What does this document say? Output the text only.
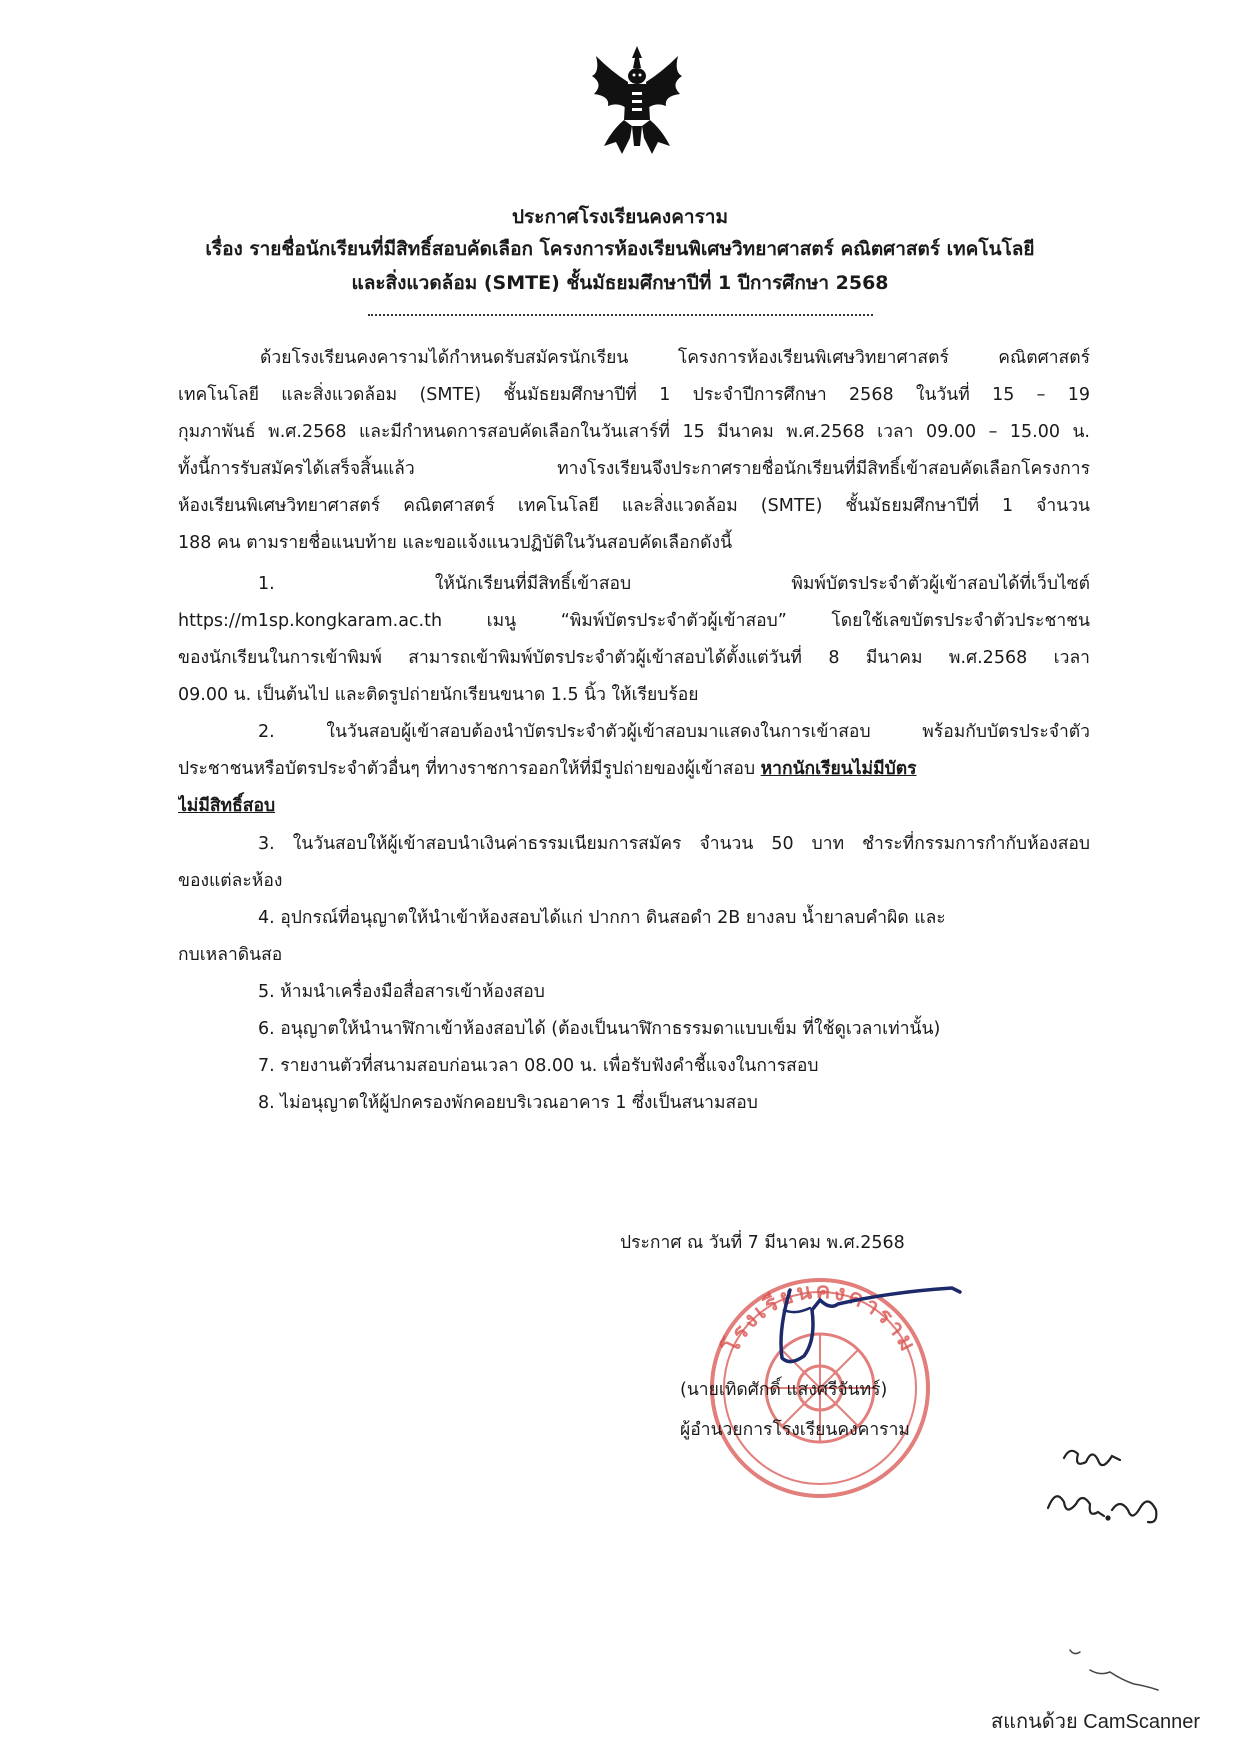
ประกาศโรงเรียนคงคาราม
เรื่อง รายชื่อนักเรียนที่มีสิทธิ์สอบคัดเลือก โครงการห้องเรียนพิเศษวิทยาศาสตร์ คณิตศาสตร์ เทคโนโลยี
และสิ่งแวดล้อม (SMTE) ชั้นมัธยมศึกษาปีที่ 1 ปีการศึกษา 2568
ด้วยโรงเรียนคงคารามได้กำหนดรับสมัครนักเรียน โครงการห้องเรียนพิเศษวิทยาศาสตร์ คณิตศาสตร์
เทคโนโลยี และสิ่งแวดล้อม (SMTE) ชั้นมัธยมศึกษาปีที่ 1 ประจำปีการศึกษา 2568 ในวันที่ 15 – 19
กุมภาพันธ์ พ.ศ.2568 และมีกำหนดการสอบคัดเลือกในวันเสาร์ที่ 15 มีนาคม พ.ศ.2568 เวลา 09.00 – 15.00 น.
ทั้งนี้การรับสมัครได้เสร็จสิ้นแล้ว ทางโรงเรียนจึงประกาศรายชื่อนักเรียนที่มีสิทธิ์เข้าสอบคัดเลือกโครงการ
ห้องเรียนพิเศษวิทยาศาสตร์ คณิตศาสตร์ เทคโนโลยี และสิ่งแวดล้อม (SMTE) ชั้นมัธยมศึกษาปีที่ 1 จำนวน
188 คน ตามรายชื่อแนบท้าย และขอแจ้งแนวปฏิบัติในวันสอบคัดเลือกดังนี้
1. ให้นักเรียนที่มีสิทธิ์เข้าสอบ พิมพ์บัตรประจำตัวผู้เข้าสอบได้ที่เว็บไซต์
https://m1sp.kongkaram.ac.th เมนู “พิมพ์บัตรประจำตัวผู้เข้าสอบ” โดยใช้เลขบัตรประจำตัวประชาชน
ของนักเรียนในการเข้าพิมพ์ สามารถเข้าพิมพ์บัตรประจำตัวผู้เข้าสอบได้ตั้งแต่วันที่ 8 มีนาคม พ.ศ.2568 เวลา
09.00 น. เป็นต้นไป และติดรูปถ่ายนักเรียนขนาด 1.5 นิ้ว ให้เรียบร้อย
2. ในวันสอบผู้เข้าสอบต้องนำบัตรประจำตัวผู้เข้าสอบมาแสดงในการเข้าสอบ พร้อมกับบัตรประจำตัว
ประชาชนหรือบัตรประจำตัวอื่นๆ ที่ทางราชการออกให้ที่มีรูปถ่ายของผู้เข้าสอบ หากนักเรียนไม่มีบัตร
ไม่มีสิทธิ์สอบ
3. ในวันสอบให้ผู้เข้าสอบนำเงินค่าธรรมเนียมการสมัคร จำนวน 50 บาท ชำระที่กรรมการกำกับห้องสอบ
ของแต่ละห้อง
4. อุปกรณ์ที่อนุญาตให้นำเข้าห้องสอบได้แก่ ปากกา ดินสอดำ 2B ยางลบ น้ำยาลบคำผิด และ
กบเหลาดินสอ
5. ห้ามนำเครื่องมือสื่อสารเข้าห้องสอบ
6. อนุญาตให้นำนาฬิกาเข้าห้องสอบได้ (ต้องเป็นนาฬิกาธรรมดาแบบเข็ม ที่ใช้ดูเวลาเท่านั้น)
7. รายงานตัวที่สนามสอบก่อนเวลา 08.00 น. เพื่อรับฟังคำชี้แจงในการสอบ
8. ไม่อนุญาตให้ผู้ปกครองพักคอยบริเวณอาคาร 1 ซึ่งเป็นสนามสอบ
ประกาศ ณ วันที่ 7 มีนาคม พ.ศ.2568
โรงเรียนคงคาราม
(นายเทิดศักดิ์ แสงศรีจันทร์)
ผู้อำนวยการโรงเรียนคงคาราม
สแกนด้วย CamScanner
